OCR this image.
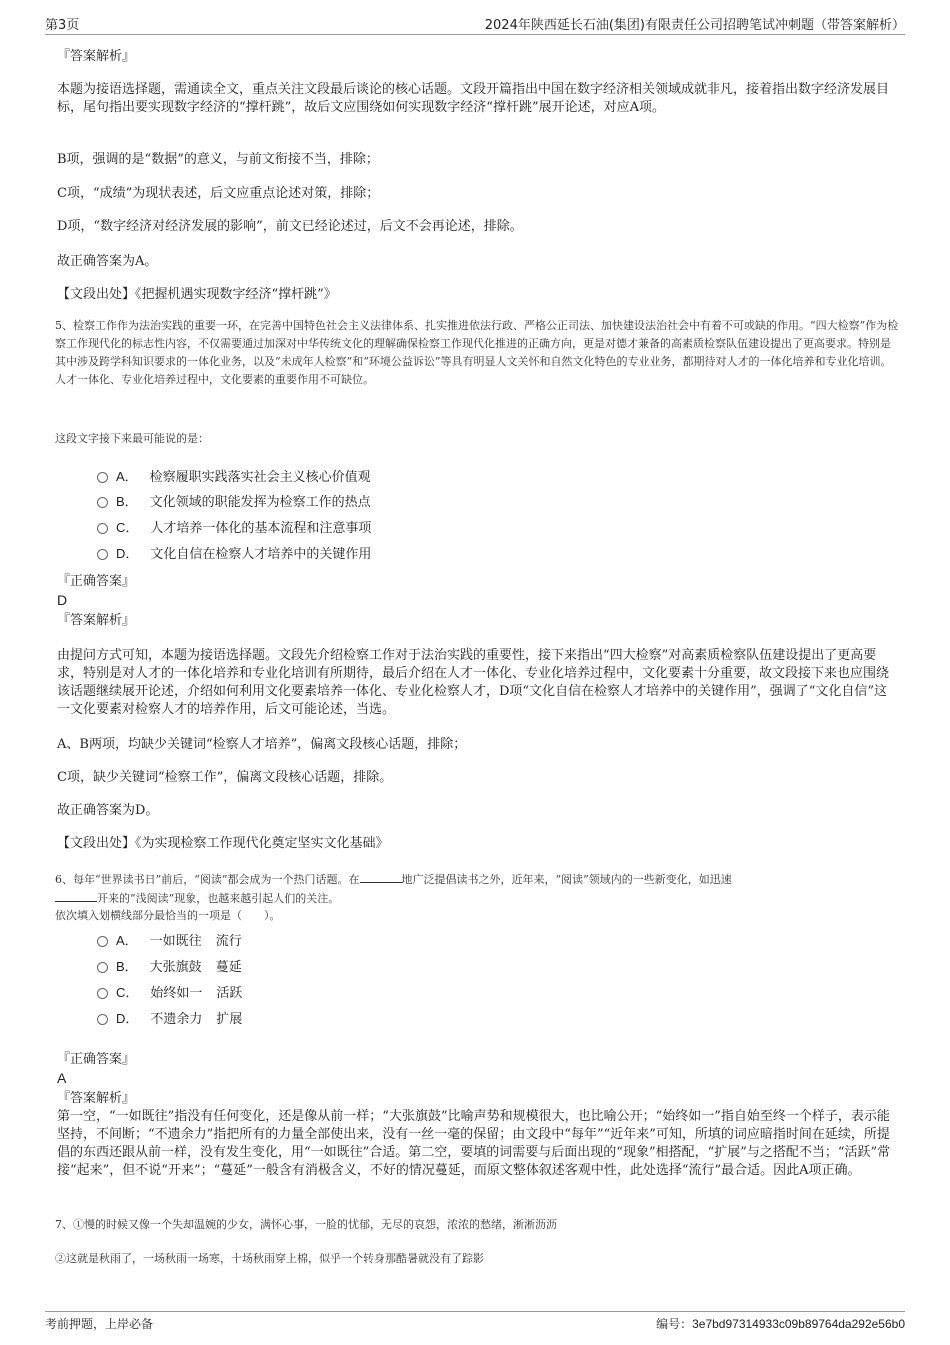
第3页	2024年陕西延长石油(集团)有限责任公司招聘笔试冲刺题（带答案解析）

『答案解析』

本题为接语选择题，需通读全文，重点关注文段最后谈论的核心话题。文段开篇指出中国在数字经济相关领域成就非凡，接着指出数字经济发展目标，尾句指出要实现数字经济的“撑杆跳”，故后文应围绕如何实现数字经济“撑杆跳”展开论述，对应A项。

B项，强调的是“数据”的意义，与前文衔接不当，排除；

C项，“成绩”为现状表述，后文应重点论述对策，排除；

D项，“数字经济对经济发展的影响”，前文已经论述过，后文不会再论述，排除。

故正确答案为A。

【文段出处】《把握机遇实现数字经济“撑杆跳”》

5、检察工作作为法治实践的重要一环，在完善中国特色社会主义法律体系、扎实推进依法行政、严格公正司法、加快建设法治社会中有着不可或缺的作用。“四大检察”作为检察工作现代化的标志性内容，不仅需要通过加深对中华传统文化的理解确保检察工作现代化推进的正确方向，更是对德才兼备的高素质检察队伍建设提出了更高要求。特别是其中涉及跨学科知识要求的一体化业务，以及“未成年人检察”和“环境公益诉讼”等具有明显人文关怀和自然文化特色的专业业务，都期待对人才的一体化培养和专业化培训。人才一体化、专业化培养过程中，文化要素的重要作用不可缺位。

这段文字接下来最可能说的是：

A． 检察履职实践落实社会主义核心价值观
B． 文化领域的职能发挥为检察工作的热点
C． 人才培养一体化的基本流程和注意事项
D． 文化自信在检察人才培养中的关键作用

『正确答案』

D

『答案解析』

由提问方式可知，本题为接语选择题。文段先介绍检察工作对于法治实践的重要性，接下来指出“四大检察”对高素质检察队伍建设提出了更高要求，特别是对人才的一体化培养和专业化培训有所期待，最后介绍在人才一体化、专业化培养过程中，文化要素十分重要，故文段接下来也应围绕该话题继续展开论述，介绍如何利用文化要素培养一体化、专业化检察人才，D项“文化自信在检察人才培养中的关键作用”，强调了“文化自信”这一文化要素对检察人才的培养作用，后文可能论述，当选。

A、B两项，均缺少关键词“检察人才培养”，偏离文段核心话题，排除；

C项，缺少关键词“检察工作”，偏离文段核心话题，排除。

故正确答案为D。

【文段出处】《为实现检察工作现代化奠定坚实文化基础》

6、每年“世界读书日”前后，“阅读”都会成为一个热门话题。在	地广泛提倡读书之外，近年来，“阅读”领域内的一些新变化，如迅速
开来的“浅阅读”现象，也越来越引起人们的关注。

依次填入划横线部分最恰当的一项是（　　）。

A． 一如既往 流行
B． 大张旗鼓 蔓延
C． 始终如一 活跃
D． 不遗余力 扩展

『正确答案』

A

『答案解析』

第一空，“一如既往”指没有任何变化，还是像从前一样；“大张旗鼓”比喻声势和规模很大，也比喻公开；“始终如一”指自始至终一个样子，表示能坚持，不间断；“不遗余力”指把所有的力量全部使出来，没有一丝一毫的保留；由文段中“每年”“近年来”可知，所填的词应暗指时间在延续，所提倡的东西还跟从前一样，没有发生变化，用“一如既往”合适。第二空，要填的词需要与后面出现的“现象”相搭配，“扩展”与之搭配不当；“活跃”常接“起来”，但不说“开来”；“蔓延”一般含有消极含义，不好的情况蔓延，而原文整体叙述客观中性，此处选择“流行”最合适。因此A项正确。

7、①慢的时候又像一个失却温婉的少女，满怀心事，一脸的忧郁，无尽的哀怨，浓浓的愁绪，淅淅沥沥

②这就是秋雨了，一场秋雨一场寒，十场秋雨穿上棉，似乎一个转身那酷暑就没有了踪影

考前押题，上岸必备	编号：3e7bd97314933c09b89764da292e56b0
